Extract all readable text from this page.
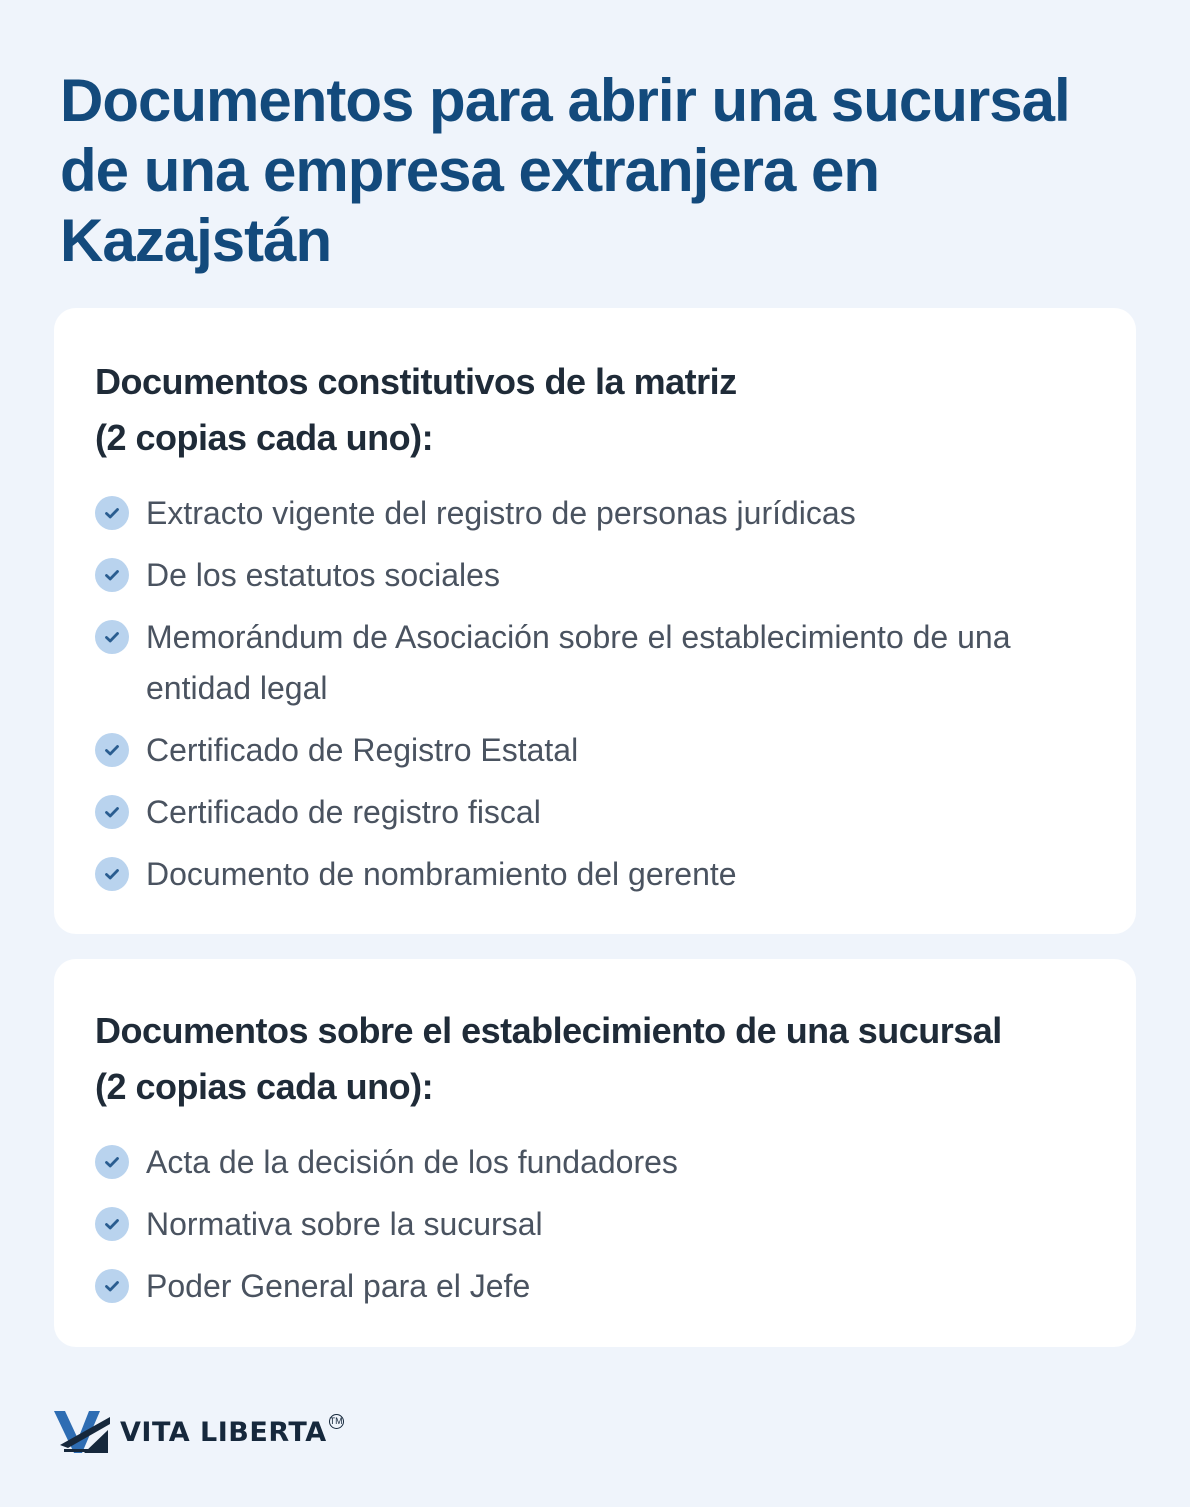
Documentos para abrir una sucursal de una empresa extranjera en Kazajstán
Documentos constitutivos de la matriz
(2 copias cada uno):
Extracto vigente del registro de personas jurídicas
De los estatutos sociales
Memorándum de Asociación sobre el establecimiento de una entidad legal
Certificado de Registro Estatal
Certificado de registro fiscal
Documento de nombramiento del gerente
Documentos sobre el establecimiento de una sucursal
(2 copias cada uno):
Acta de la decisión de los fundadores
Normativa sobre la sucursal
Poder General para el Jefe
VITA LIBERTA TM
